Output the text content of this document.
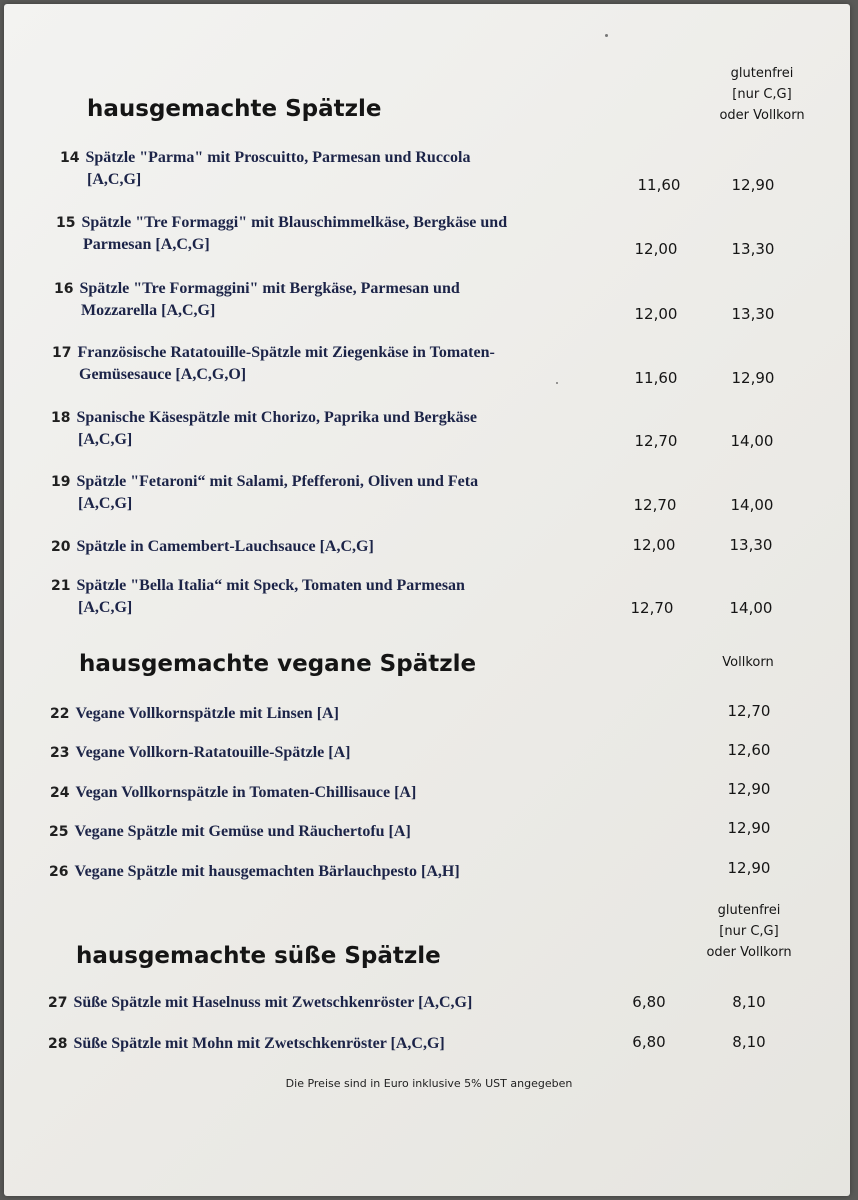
hausgemachte Spätzle
glutenfrei
[nur C,G]
oder Vollkorn
14 Spätzle "Parma" mit Proscuitto, Parmesan und Ruccola
[A,C,G]	11,60	12,90
15 Spätzle "Tre Formaggi" mit Blauschimmelkäse, Bergkäse und
Parmesan [A,C,G]	12,00	13,30
16 Spätzle "Tre Formaggini" mit Bergkäse, Parmesan und
Mozzarella [A,C,G]	12,00	13,30
17 Französische Ratatouille-Spätzle mit Ziegenkäse in Tomaten-
Gemüsesauce [A,C,G,O]	11,60	12,90
18 Spanische Käsespätzle mit Chorizo, Paprika und Bergkäse
[A,C,G]	12,70	14,00
19 Spätzle "Fetaroni“ mit Salami, Pfefferoni, Oliven und Feta
[A,C,G]	12,70	14,00
20 Spätzle in Camembert-Lauchsauce [A,C,G]	12,00	13,30
21 Spätzle "Bella Italia“ mit Speck, Tomaten und Parmesan
[A,C,G]	12,70	14,00
hausgemachte vegane Spätzle	Vollkorn
22 Vegane Vollkornspätzle mit Linsen [A]	12,70
23 Vegane Vollkorn-Ratatouille-Spätzle [A]	12,60
24 Vegan Vollkornspätzle in Tomaten-Chillisauce [A]	12,90
25 Vegane Spätzle mit Gemüse und Räuchertofu [A]	12,90
26 Vegane Spätzle mit hausgemachten Bärlauchpesto [A,H]	12,90
hausgemachte süße Spätzle
glutenfrei
[nur C,G]
oder Vollkorn
27 Süße Spätzle mit Haselnuss mit Zwetschkenröster [A,C,G]	6,80	8,10
28 Süße Spätzle mit Mohn mit Zwetschkenröster [A,C,G]	6,80	8,10
Die Preise sind in Euro inklusive 5% UST angegeben
